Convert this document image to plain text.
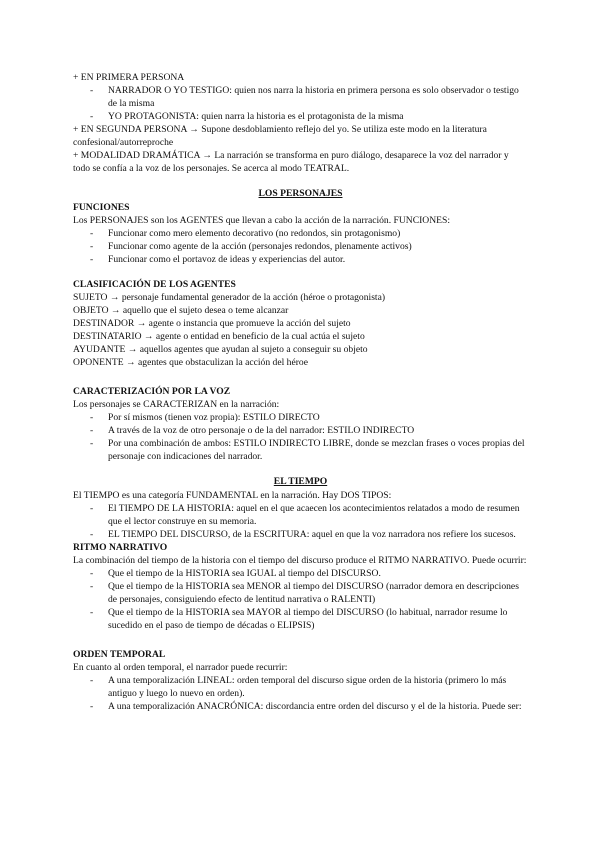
+ EN PRIMERA PERSONA

- NARRADOR O YO TESTIGO: quien nos narra la historia en primera persona es solo observador o testigo de la misma
- YO PROTAGONISTA: quien narra la historia es el protagonista de la misma

+ EN SEGUNDA PERSONA → Supone desdoblamiento reflejo del yo. Se utiliza este modo en la literatura confesional/autorreproche

+ MODALIDAD DRAMÁTICA → La narración se transforma en puro diálogo, desaparece la voz del narrador y todo se confía a la voz de los personajes. Se acerca al modo TEATRAL.

LOS PERSONAJES

FUNCIONES

Los PERSONAJES son los AGENTES que llevan a cabo la acción de la narración. FUNCIONES:

- Funcionar como mero elemento decorativo (no redondos, sin protagonismo)
- Funcionar como agente de la acción (personajes redondos, plenamente activos)
- Funcionar como el portavoz de ideas y experiencias del autor.

CLASIFICACIÓN DE LOS AGENTES

SUJETO → personaje fundamental generador de la acción (héroe o protagonista)

OBJETO → aquello que el sujeto desea o teme alcanzar

DESTINADOR → agente o instancia que promueve la acción del sujeto

DESTINATARIO → agente o entidad en beneficio de la cual actúa el sujeto

AYUDANTE → aquellos agentes que ayudan al sujeto a conseguir su objeto

OPONENTE → agentes que obstaculizan la acción del héroe

CARACTERIZACIÓN POR LA VOZ

Los personajes se CARACTERIZAN en la narración:

- Por sí mismos (tienen voz propia): ESTILO DIRECTO
- A través de la voz de otro personaje o de la del narrador: ESTILO INDIRECTO
- Por una combinación de ambos: ESTILO INDIRECTO LIBRE, donde se mezclan frases o voces propias del personaje con indicaciones del narrador.

EL TIEMPO

El TIEMPO es una categoría FUNDAMENTAL en la narración. Hay DOS TIPOS:

- El TIEMPO DE LA HISTORIA: aquel en el que acaecen los acontecimientos relatados a modo de resumen que el lector construye en su memoria.
- EL TIEMPO DEL DISCURSO, de la ESCRITURA: aquel en que la voz narradora nos refiere los sucesos.

RITMO NARRATIVO

La combinación del tiempo de la historia con el tiempo del discurso produce el RITMO NARRATIVO. Puede ocurrir:

- Que el tiempo de la HISTORIA sea IGUAL al tiempo del DISCURSO.
- Que el tiempo de la HISTORIA sea MENOR al tiempo del DISCURSO (narrador demora en descripciones de personajes, consiguiendo efecto de lentitud narrativa o RALENTI)
- Que el tiempo de la HISTORIA sea MAYOR al tiempo del DISCURSO (lo habitual, narrador resume lo sucedido en el paso de tiempo de décadas o ELIPSIS)

ORDEN TEMPORAL

En cuanto al orden temporal, el narrador puede recurrir:

- A una temporalización LINEAL: orden temporal del discurso sigue orden de la historia (primero lo más antiguo y luego lo nuevo en orden).
- A una temporalización ANACRÓNICA: discordancia entre orden del discurso y el de la historia. Puede ser:
